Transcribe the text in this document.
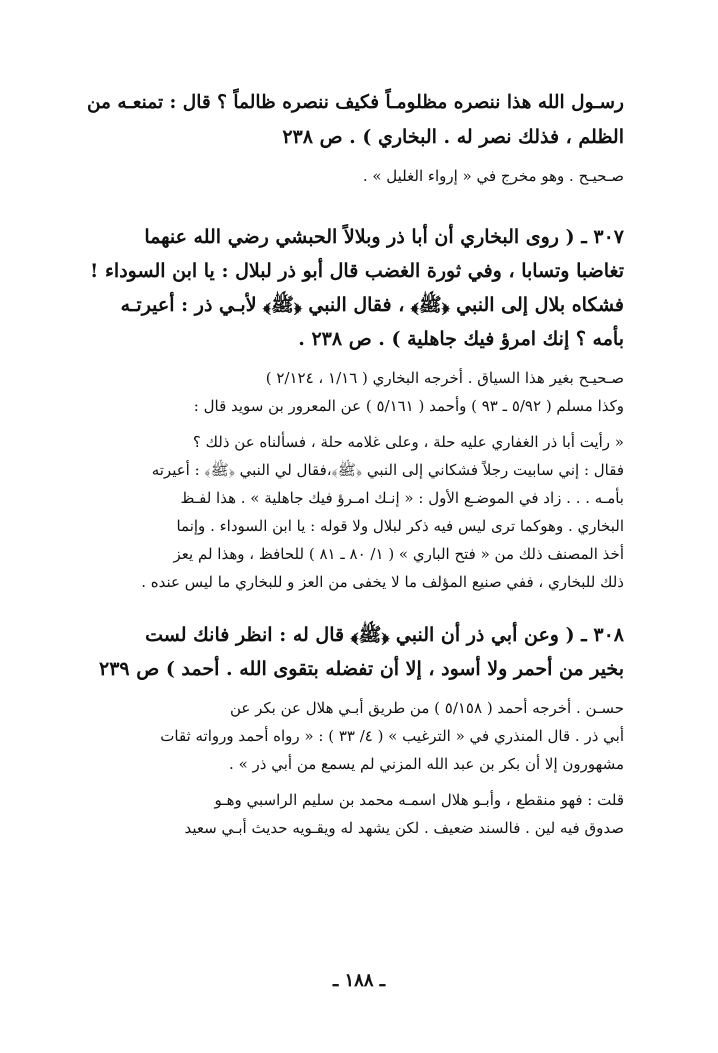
رسـول الله هذا ننصره مظلومـاً فكيف ننصره ظالماً ؟ قال : تمنعـه من
الظلم ، فذلك نصر له . البخاري ) . ص ٢٣٨
صـحيـح . وهو مخرج في « إرواء الغليل » .
٣٠٧ ـ ( روى البخاري أن أبا ذر وبلالاً الحبشي رضي الله عنهما
تغاضبا وتسابا ، وفي ثورة الغضب قال أبو ذر لبلال : يا ابن السوداء !
فشكاه بلال إلى النبي ﴿ﷺ﴾ ، فقال النبي ﴿ﷺ﴾ لأبـي ذر : أعيرتـه
بأمه ؟ إنك امرؤ فيك جاهلية ) . ص ٢٣٨ .
صـحيـح بغير هذا السياق . أخرجه البخاري ( ١/١٦ ، ٢/١٢٤ )
وكذا مسلم ( ٥/٩٢ ـ ٩٣ ) وأحمد ( ٥/١٦١ ) عن المعرور بن سويد قال :
« رأيت أبا ذر الغفاري عليه حلة ، وعلى غلامه حلة ، فسألناه عن ذلك ؟
فقال : إني سابيت رجلاً فشكاني إلى النبي ﴿ﷺ﴾،فقال لي النبي ﴿ﷺ﴾ : أعيرته
بأمـه . . . زاد في الموضـع الأول : « إنـك امـرؤ فيك جاهلية » . هذا لفـظ
البخاري . وهوكما ترى ليس فيه ذكر لبلال ولا قوله : يا ابن السوداء . وإنما
أخذ المصنف ذلك من « فتح الباري » ( ١/ ٨٠ ـ ٨١ ) للحافظ ، وهذا لم يعز
ذلك للبخاري ، ففي صنيع المؤلف ما لا يخفى من العز و للبخاري ما ليس عنده .
٣٠٨ ـ ( وعن أبي ذر أن النبي ﴿ﷺ﴾ قال له : انظر فانك لست
بخير من أحمر ولا أسود ، إلا أن تفضله بتقوى الله . أحمد ) ص ٢٣٩
حسـن . أخرجه أحمد ( ٥/١٥٨ ) من طريق أبـي هلال عن بكر عن
أبي ذر . قال المنذري في « الترغيب » ( ٤/ ٣٣ ) : « رواه أحمد ورواته ثقات
مشهورون إلا أن بكر بن عبد الله المزني لم يسمع من أبي ذر » .
قلت : فهو منقطع ، وأبـو هلال اسمـه محمد بن سليم الراسبي وهـو
صدوق فيه لين . فالسند ضعيف . لكن يشهد له ويقـويه حديث أبـي سعيد
ـ ١٨٨ ـ
